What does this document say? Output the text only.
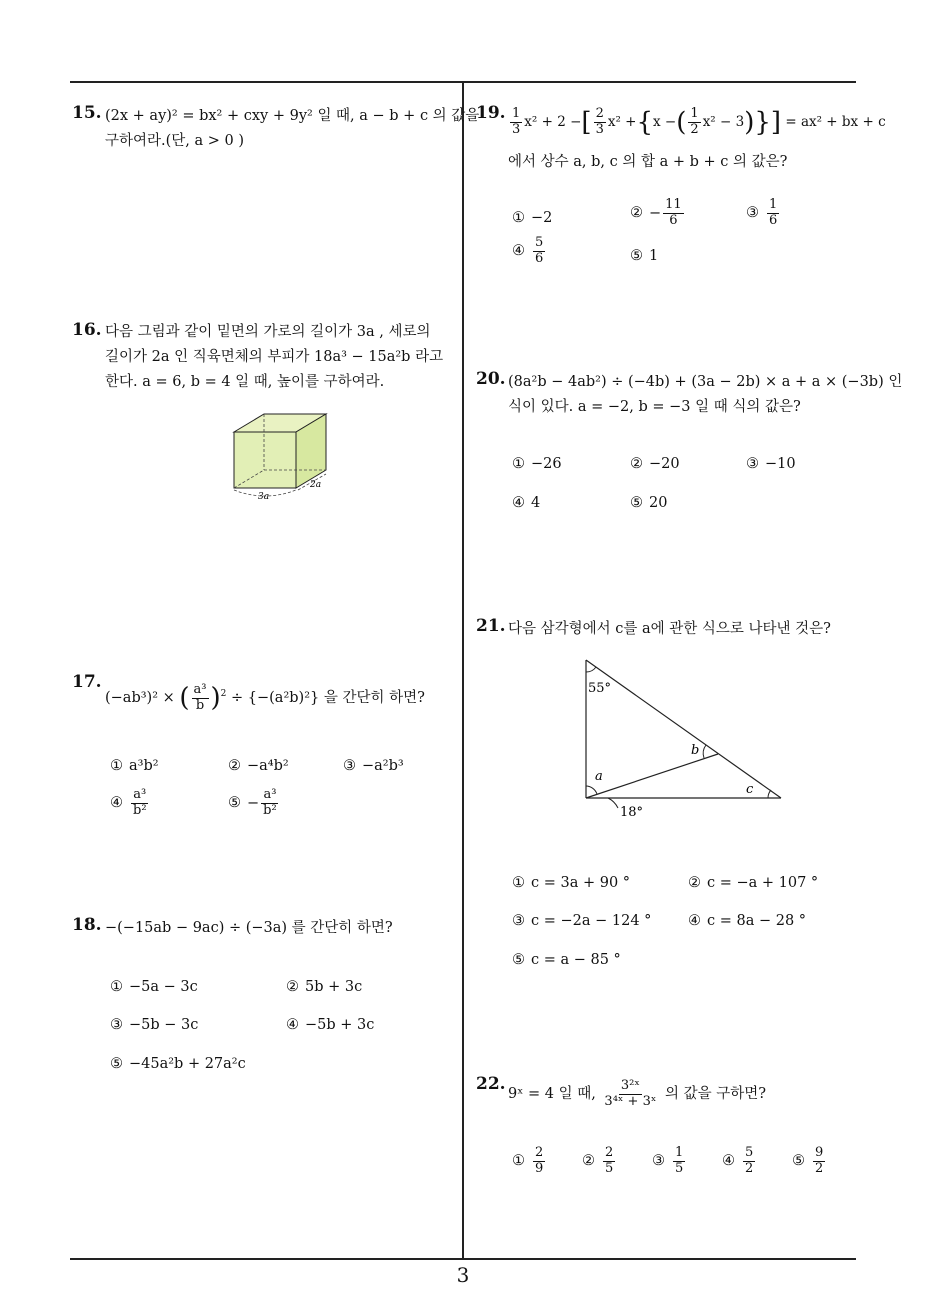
3
15. (2x + ay)² = bx² + cxy + 9y² 일 때, a − b + c 의 값을
구하여라.(단, a > 0 )
16. 다음 그림과 같이 밑면의 가로의 길이가 3a , 세로의
길이가 2a 인 직육면체의 부피가 18a³ − 15a²b 라고
한다. a = 6, b = 4 일 때, 높이를 구하여라.
3a
2a
17.
(−ab³)² × ( $\frac{\text{a³}}{b} )^2 \div \{-(a^2b)^2\}$ 을 간단히 하면?
① a³b²	② −a⁴b²	③ −a²b³
④ $\frac{\text{a³}}{\text{b²}}$	⑤ − $\frac{\text{a³}}{\text{b²}}$
18. −(−15ab − 9ac) ÷ (−3a) 를 간단히 하면?
① −5a − 3c	② 5b + 3c
③ −5b − 3c	④ −5b + 3c
⑤ −45a²b + 27a²c
19. $\frac{1}{3} x^2 + 2$ −[ $\frac{2}{3} x^2 +\{x$ −( $\frac{1}{2} x^2 - 3)\}] = ax^2$ + bx + c
에서 상수 a, b, c 의 합 a + b + c 의 값은?
① −2	② − $\frac{11}{6}$	③ $\frac{1}{6}$
④ $\frac{5}{6}$	⑤ 1
20. (8a²b − 4ab²) ÷ (−4b) + (3a − 2b) × a + a × (−3b) 인
식이 있다. a = −2, b = −3 일 때 식의 값은?
① −26	② −20	③ −10
④ 4	⑤ 20
21. 다음 삼각형에서 c를 a에 관한 식으로 나타낸 것은?
55°
b
a
c
18°
① c = 3a + 90 °	② c = −a + 107 °
③ c = −2a − 124 °	④ c = 8a − 28 °
⑤ c = a − 85 °
22. 9ˣ = 4 일 때, $\frac{\text{3²ˣ}}{\text{3⁴ˣ + 3ˣ}}$ 의 값을 구하면?
① $\frac{2}{9}$	② $\frac{2}{5}$	③ $\frac{1}{5}$	④ $\frac{5}{2}$	⑤ $\frac{9}{2}$
